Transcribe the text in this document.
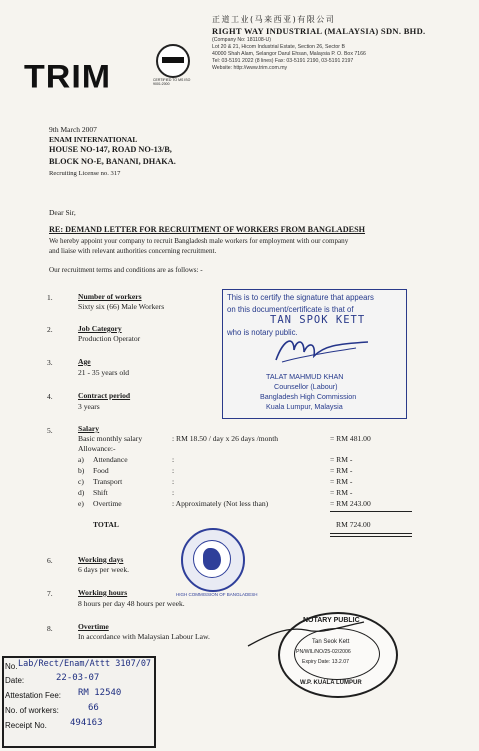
TRIM	CERTIFIED TO MS ISO 9001:2000
正道工业(马来西亚)有限公司
RIGHT WAY INDUSTRIAL (MALAYSIA) SDN. BHD.
(Company No: 181108-U)
Lot 20 & 21, Hicom Industrial Estate, Section 26, Sector B
40000 Shah Alam, Selangor Darul Ehsan, Malaysia P. O. Box 7166
Tel: 03-5191 2022 (8 lines) Fax: 03-5191 2190, 03-5191 2197
Website: http://www.trim.com.my
9th March 2007
ENAM INTERNATIONAL
HOUSE NO-147, ROAD NO-13/B,
BLOCK NO-E, BANANI, DHAKA.
Recruiting License no. 317
Dear Sir,
RE: DEMAND LETTER FOR RECRUITMENT OF WORKERS FROM BANGLADESH
We hereby appoint your company to recruit Bangladesh male workers for employment with our company
and liaise with relevant authorities concerning recruitment.
Our recruitment terms and conditions are as follows: -
1.	Number of workers
Sixty six (66) Male Workers
2.	Job Category
Production Operator
3.	Age
21 - 35 years old
4.	Contract period
3 years
5.	Salary
Basic monthly salary	: RM 18.50 / day x 26 days /month	= RM 481.00
Allowance:-
a) Attendance	:	= RM -
b) Food	:	= RM -
c) Transport	:	= RM -
d) Shift	:	= RM -
e) Overtime	: Approximately (Not less than)	= RM 243.00
TOTAL	RM 724.00
6.	Working days
6 days per week.
7.	Working hours
8 hours per day 48 hours per week.
8.	Overtime
In accordance with Malaysian Labour Law.
This is to certify the signature that appears
on this document/certificate is that of
TAN SPOK KETT
who is notary public.
TALAT MAHMUD KHAN
Counsellor (Labour)
Bangladesh High Commission
Kuala Lumpur, Malaysia
HIGH COMMISSION OF BANGLADESH
NOTARY PUBLIC
Tan Seok Kett
PN/WIL/NO/25-02/2006
Expiry Date: 13.2.07
W.P. KUALA LUMPUR
No. Lab/Rect/Enam/Attt 3107/07
Date:	22-03-07
Attestation Fee: RM 12540
No. of workers:	66
Receipt No.	494163
